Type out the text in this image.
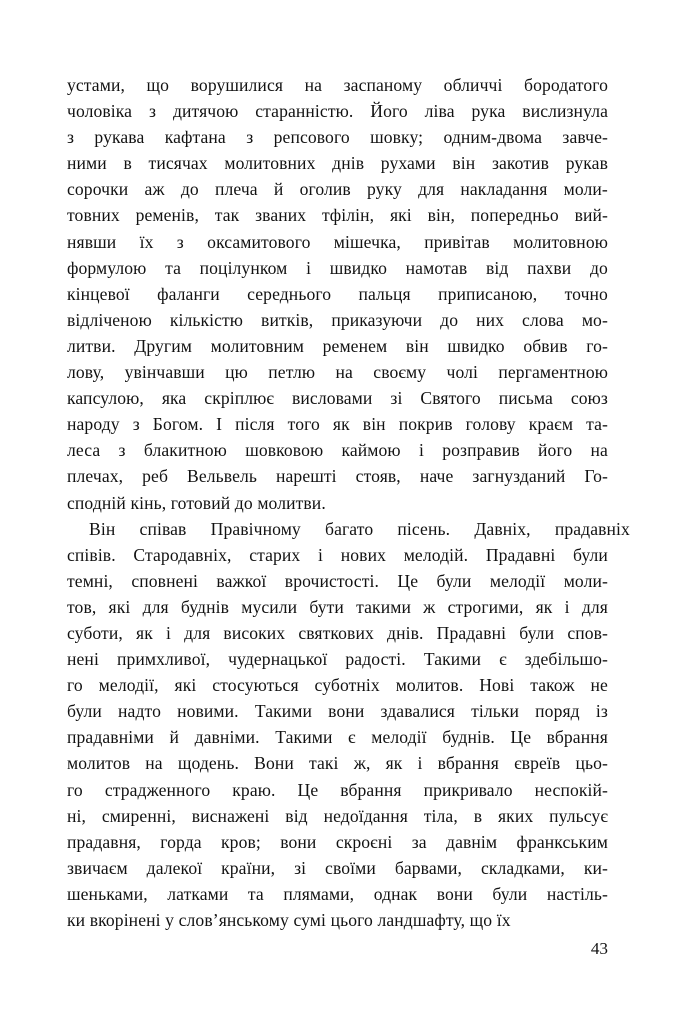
устами, що ворушилися на заспаному обличчі бородатого
чоловіка з дитячою старанністю. Його ліва рука вислизнула
з рукава кафтана з репсового шовку; одним-двома завче-
ними в тисячах молитовних днів рухами він закотив рукав
сорочки аж до плеча й оголив руку для накладання моли-
товних ременів, так званих тфілін, які він, попередньо вий-
нявши їх з оксамитового мішечка, привітав молитовною
формулою та поцілунком і швидко намотав від пахви до
кінцевої фаланги середнього пальця приписаною, точно
відліченою кількістю витків, приказуючи до них слова мо-
литви. Другим молитовним ременем він швидко обвив го-
лову, увінчавши цю петлю на своєму чолі пергаментною
капсулою, яка скріплює висловами зі Святого письма союз
народу з Богом. І після того як він покрив голову краєм та-
леса з блакитною шовковою каймою і розправив його на
плечах, реб Вельвель нарешті стояв, наче загнузданий Го-
сподній кінь, готовий до молитви.

Він співав Правічному багато пісень. Давніх, прадавніх
співів. Стародавніх, старих і нових мелодій. Прадавні були
темні, сповнені важкої врочистості. Це були мелодії моли-
тов, які для буднів мусили бути такими ж строгими, як і для
суботи, як і для високих святкових днів. Прадавні були спов-
нені примхливої, чудернацької радості. Такими є здебільшо-
го мелодії, які стосуються суботніх молитов. Нові також не
були надто новими. Такими вони здавалися тільки поряд із
прадавніми й давніми. Такими є мелодії буднів. Це вбрання
молитов на щодень. Вони такі ж, як і вбрання євреїв цьо-
го страдженного краю. Це вбрання прикривало неспокій-
ні, смиренні, виснажені від недоїдання тіла, в яких пульсує
прадавня, горда кров; вони скроєні за давнім франкським
звичаєм далекої країни, зі своїми барвами, складками, ки-
шеньками, латками та плямами, однак вони були настіль-
ки вкорінені у слов’янському сумі цього ландшафту, що їх

43
